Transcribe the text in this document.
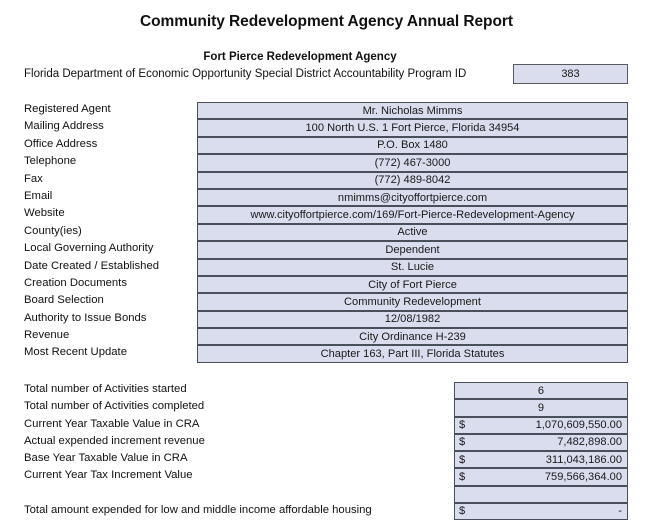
Community Redevelopment Agency Annual Report
Fort Pierce Redevelopment Agency
Florida Department of Economic Opportunity Special District Accountability Program ID	383
Registered Agent	Mr. Nicholas Mimms
Mailing Address	100 North U.S. 1 Fort Pierce, Florida 34954
Office Address	P.O. Box 1480
Telephone	(772) 467-3000
Fax	(772) 489-8042
Email	nmimms@cityoffortpierce.com
Website	www.cityoffortpierce.com/169/Fort-Pierce-Redevelopment-Agency
County(ies)	Active
Local Governing Authority	Dependent
Date Created / Established	St. Lucie
Creation Documents	City of Fort Pierce
Board Selection	Community Redevelopment
Authority to Issue Bonds	12/08/1982
Revenue	City Ordinance H-239
Most Recent Update	Chapter 163, Part III, Florida Statutes
Total number of Activities started	6
Total number of Activities completed	9
Current Year Taxable Value in CRA	$	1,070,609,550.00
Actual expended increment revenue	$	7,482,898.00
Base Year Taxable Value in CRA	$	311,043,186.00
Current Year Tax Increment Value	$	759,566,364.00
Total amount expended for low and middle income affordable housing	$	-
